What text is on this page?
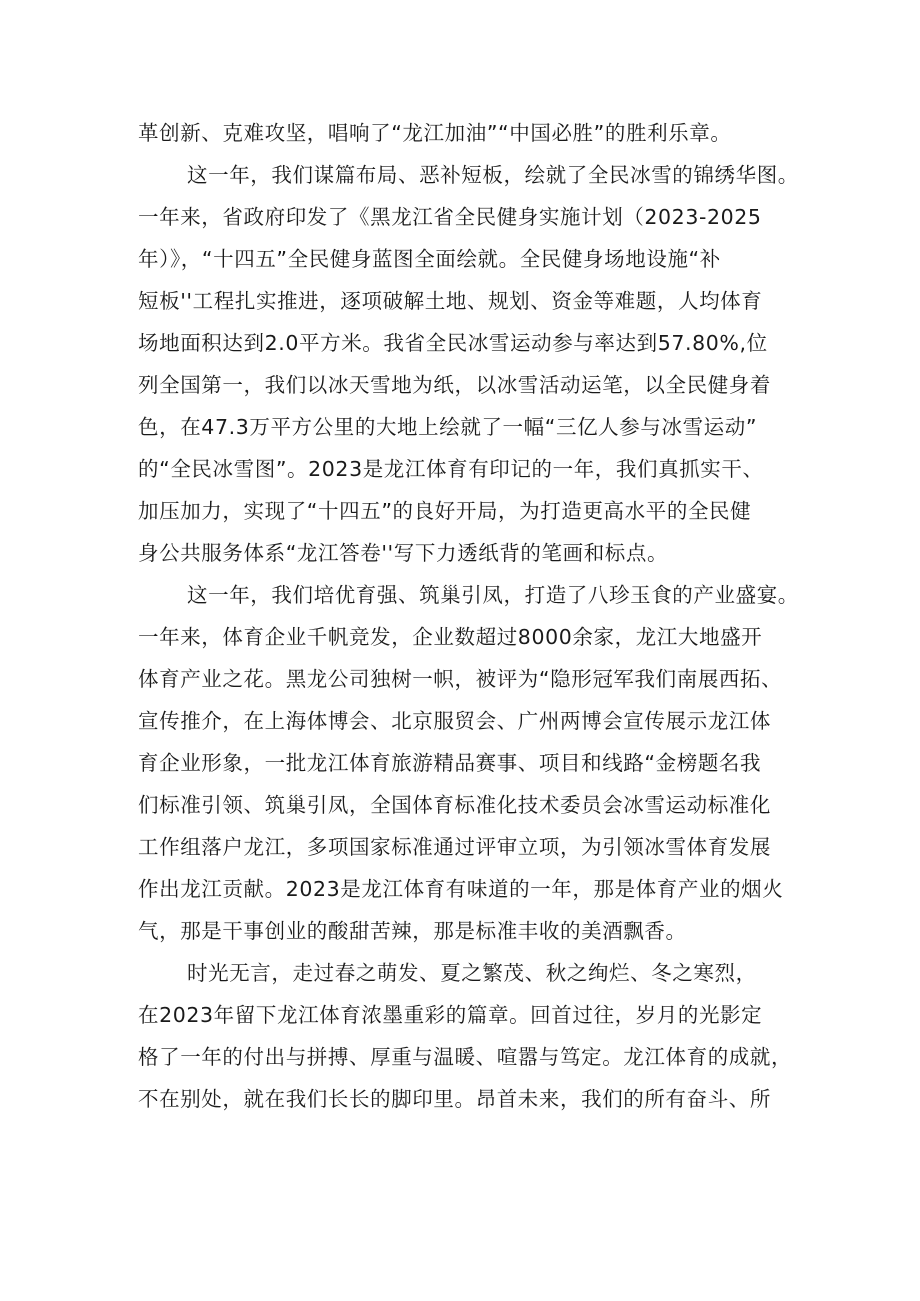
革创新、克难攻坚，唱响了“龙江加油”“中国必胜”的胜利乐章。
这一年，我们谋篇布局、恶补短板，绘就了全民冰雪的锦绣华图。
一年来，省政府印发了《黑龙江省全民健身实施计划（2023-2025
年）》，“十四五”全民健身蓝图全面绘就。全民健身场地设施“补
短板''工程扎实推进，逐项破解土地、规划、资金等难题，人均体育
场地面积达到2.0平方米。我省全民冰雪运动参与率达到57.80%,位
列全国第一，我们以冰天雪地为纸，以冰雪活动运笔，以全民健身着
色，在47.3万平方公里的大地上绘就了一幅“三亿人参与冰雪运动”
的“全民冰雪图”。2023是龙江体育有印记的一年，我们真抓实干、
加压加力，实现了“十四五”的良好开局，为打造更高水平的全民健
身公共服务体系“龙江答卷''写下力透纸背的笔画和标点。
这一年，我们培优育强、筑巢引凤，打造了八珍玉食的产业盛宴。
一年来，体育企业千帆竞发，企业数超过8000余家，龙江大地盛开
体育产业之花。黑龙公司独树一帜，被评为“隐形冠军我们南展西拓、
宣传推介，在上海体博会、北京服贸会、广州两博会宣传展示龙江体
育企业形象，一批龙江体育旅游精品赛事、项目和线路“金榜题名我
们标准引领、筑巢引凤，全国体育标准化技术委员会冰雪运动标准化
工作组落户龙江，多项国家标准通过评审立项，为引领冰雪体育发展
作出龙江贡献。2023是龙江体育有味道的一年，那是体育产业的烟火
气，那是干事创业的酸甜苦辣，那是标准丰收的美酒飘香。
时光无言，走过春之萌发、夏之繁茂、秋之绚烂、冬之寒烈，
在2023年留下龙江体育浓墨重彩的篇章。回首过往，岁月的光影定
格了一年的付出与拼搏、厚重与温暖、喧嚣与笃定。龙江体育的成就，
不在别处，就在我们长长的脚印里。昂首未来，我们的所有奋斗、所
